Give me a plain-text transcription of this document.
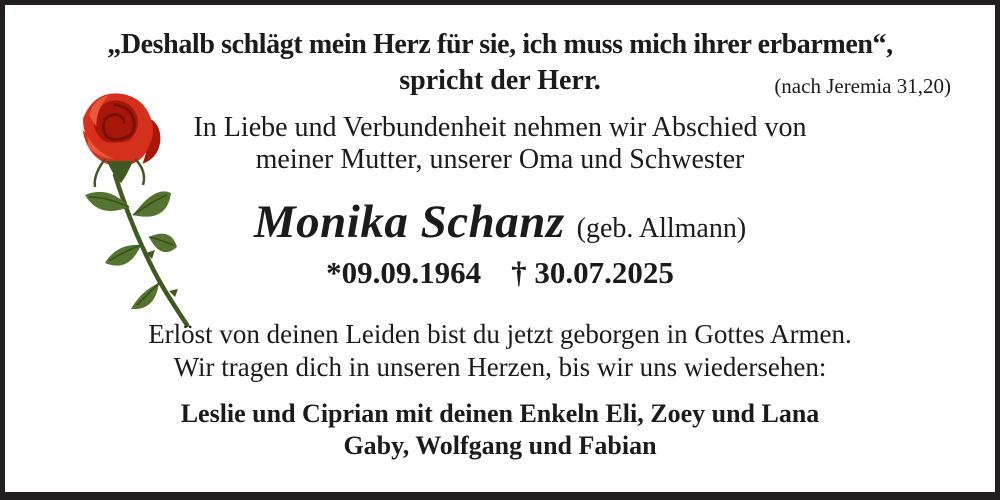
„Deshalb schlägt mein Herz für sie, ich muss mich ihrer erbarmen“,
spricht der Herr.	(nach Jeremia 31,20)
In Liebe und Verbundenheit nehmen wir Abschied von
meiner Mutter, unserer Oma und Schwester
Monika Schanz (geb. Allmann)
*09.09.1964 † 30.07.2025
Erlöst von deinen Leiden bist du jetzt geborgen in Gottes Armen.
Wir tragen dich in unseren Herzen, bis wir uns wiedersehen:
Leslie und Ciprian mit deinen Enkeln Eli, Zoey und Lana
Gaby, Wolfgang und Fabian
